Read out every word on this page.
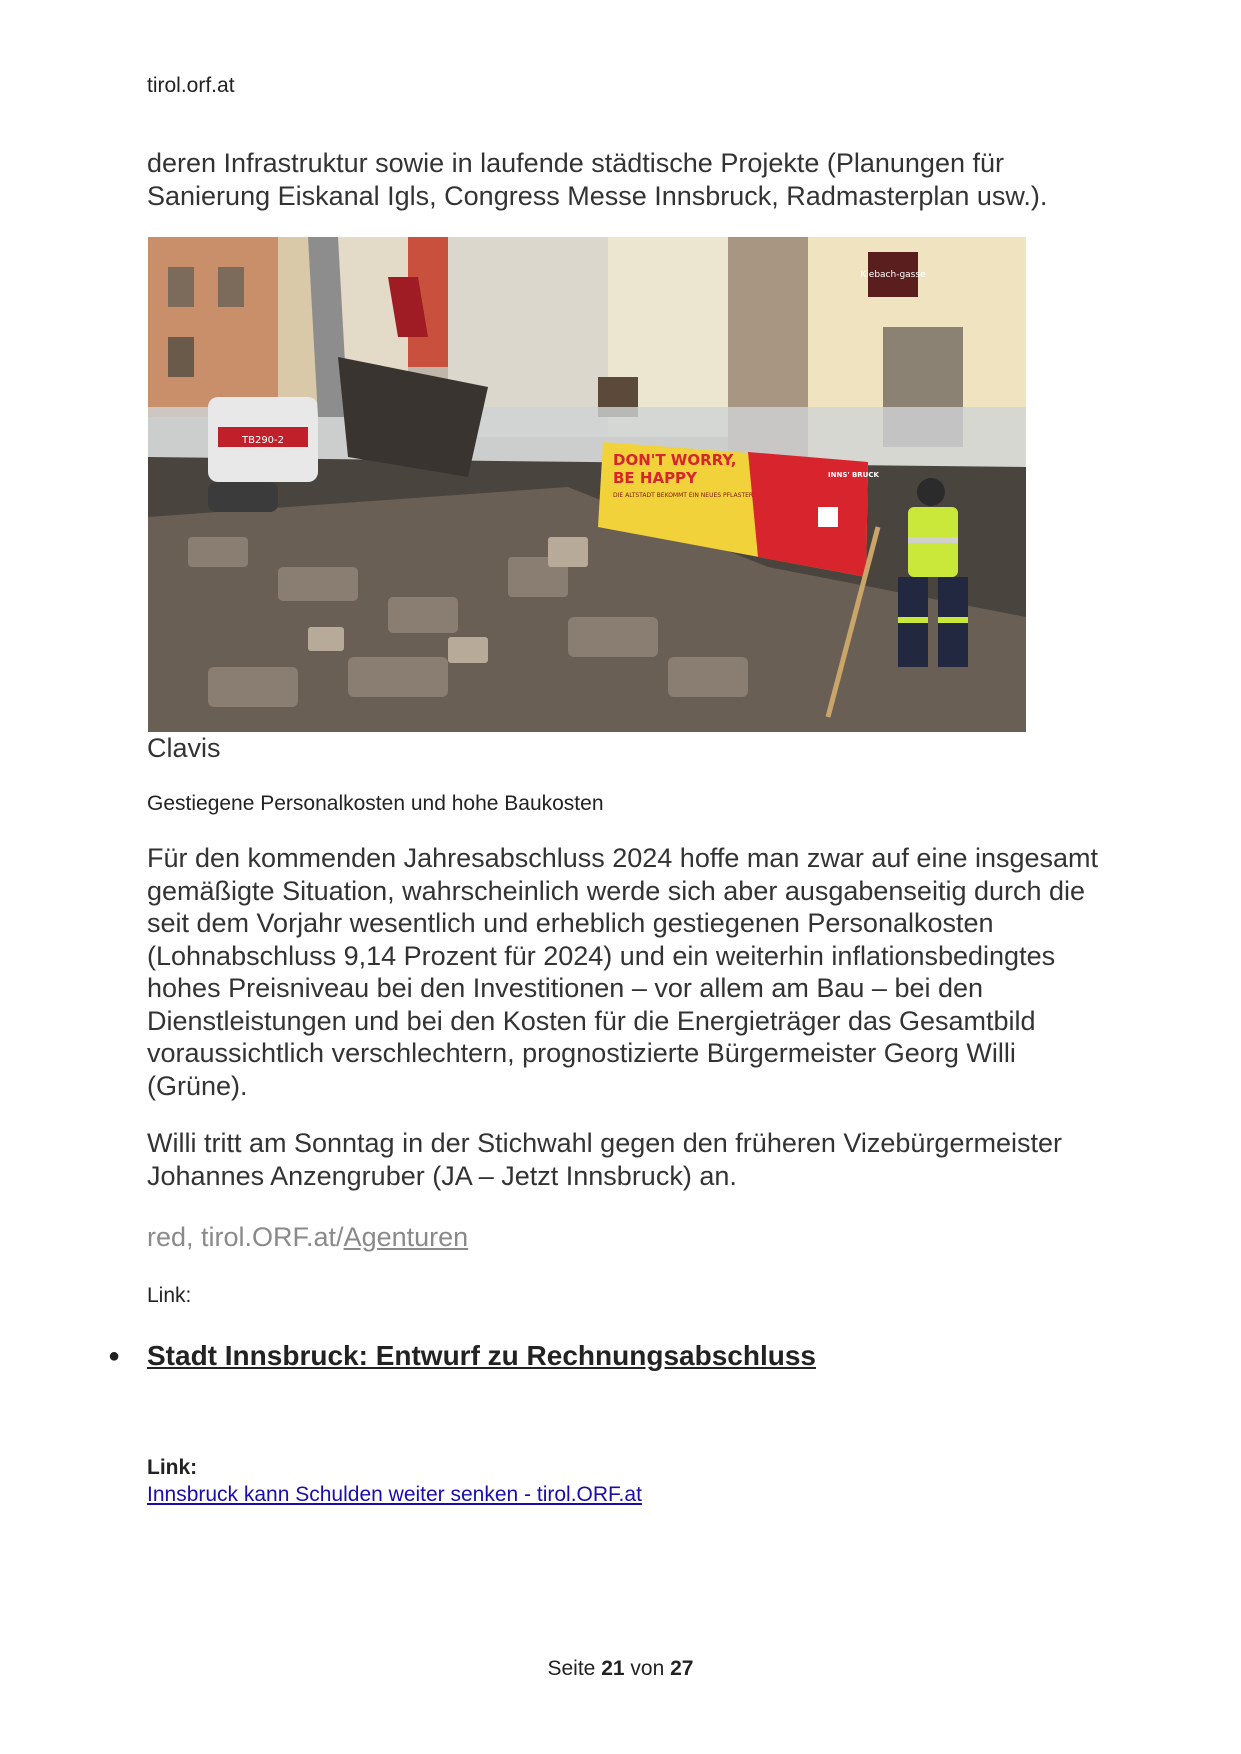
tirol.orf.at
deren Infrastruktur sowie in laufende städtische Projekte (Planungen für Sanierung Eiskanal Igls, Congress Messe Innsbruck, Radmasterplan usw.).
Kiebach-gasse
TB290-2
DON'T WORRY,
BE HAPPY
DIE ALTSTADT BEKOMMT EIN NEUES PFLASTER
INNS' BRUCK
Clavis
Gestiegene Personalkosten und hohe Baukosten
Für den kommenden Jahresabschluss 2024 hoffe man zwar auf eine insgesamt gemäßigte Situation, wahrscheinlich werde sich aber ausgabenseitig durch die seit dem Vorjahr wesentlich und erheblich gestiegenen Personalkosten (Lohnabschluss 9,14 Prozent für 2024) und ein weiterhin inflationsbedingtes hohes Preisniveau bei den Investitionen – vor allem am Bau – bei den Dienstleistungen und bei den Kosten für die Energieträger das Gesamtbild voraussichtlich verschlechtern, prognostizierte Bürgermeister Georg Willi (Grüne).
Willi tritt am Sonntag in der Stichwahl gegen den früheren Vizebürgermeister Johannes Anzengruber (JA – Jetzt Innsbruck) an.
red, tirol.ORF.at/Agenturen
Link:
● Stadt Innsbruck: Entwurf zu Rechnungsabschluss
Link:
Innsbruck kann Schulden weiter senken - tirol.ORF.at
Seite 21 von 27
